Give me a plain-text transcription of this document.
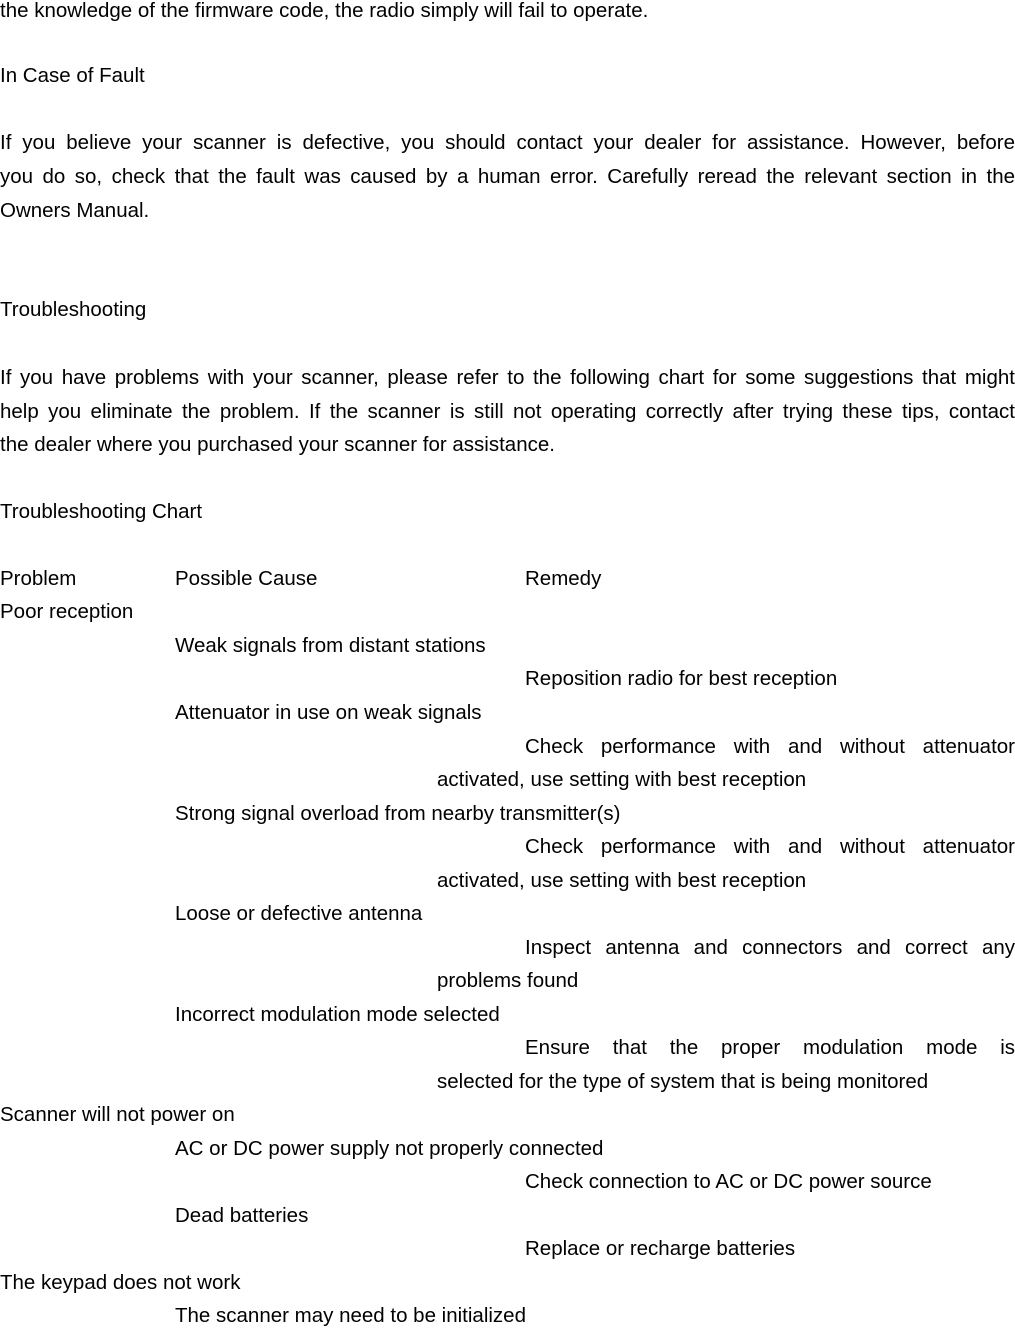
the knowledge of the firmware code, the radio simply will fail to operate.
In Case of Fault
If you believe your scanner is defective, you should contact your dealer for assistance. However, before
you do so, check that the fault was caused by a human error. Carefully reread the relevant section in the
Owners Manual.
Troubleshooting
If you have problems with your scanner, please refer to the following chart for some suggestions that might
help you eliminate the problem. If the scanner is still not operating correctly after trying these tips, contact
the dealer where you purchased your scanner for assistance.
Troubleshooting Chart
Problem	Possible Cause	Remedy
Poor reception
Weak signals from distant stations
Reposition radio for best reception
Attenuator in use on weak signals
Check performance with and without attenuator
activated, use setting with best reception
Strong signal overload from nearby transmitter(s)
Check performance with and without attenuator
activated, use setting with best reception
Loose or defective antenna
Inspect antenna and connectors and correct any
problems found
Incorrect modulation mode selected
Ensure that the proper modulation mode is
selected for the type of system that is being monitored
Scanner will not power on
AC or DC power supply not properly connected
Check connection to AC or DC power source
Dead batteries
Replace or recharge batteries
The keypad does not work
The scanner may need to be initialized
